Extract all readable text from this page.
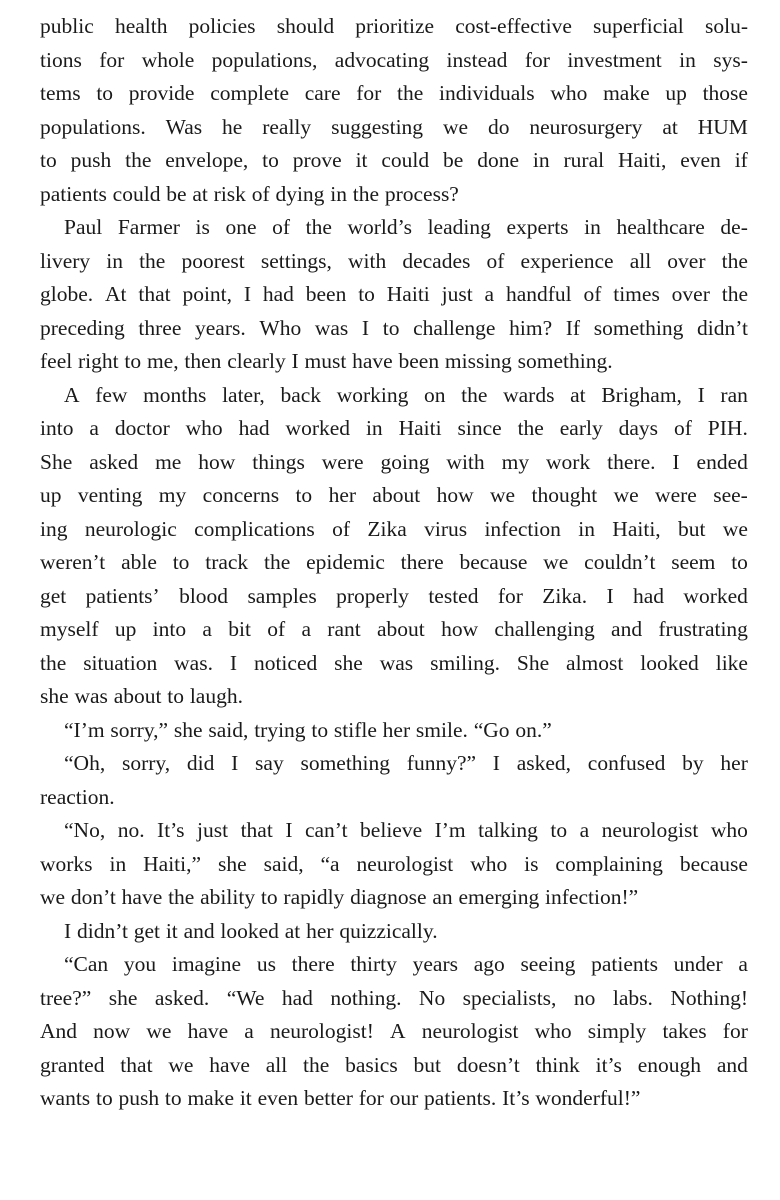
public health policies should prioritize cost-effective superficial solu-
tions for whole populations, advocating instead for investment in sys-
tems to provide complete care for the individuals who make up those
populations. Was he really suggesting we do neurosurgery at HUM
to push the envelope, to prove it could be done in rural Haiti, even if
patients could be at risk of dying in the process?
Paul Farmer is one of the world’s leading experts in healthcare de-
livery in the poorest settings, with decades of experience all over the
globe. At that point, I had been to Haiti just a handful of times over the
preceding three years. Who was I to challenge him? If something didn’t
feel right to me, then clearly I must have been missing something.
A few months later, back working on the wards at Brigham, I ran
into a doctor who had worked in Haiti since the early days of PIH.
She asked me how things were going with my work there. I ended
up venting my concerns to her about how we thought we were see-
ing neurologic complications of Zika virus infection in Haiti, but we
weren’t able to track the epidemic there because we couldn’t seem to
get patients’ blood samples properly tested for Zika. I had worked
myself up into a bit of a rant about how challenging and frustrating
the situation was. I noticed she was smiling. She almost looked like
she was about to laugh.
“I’m sorry,” she said, trying to stifle her smile. “Go on.”
“Oh, sorry, did I say something funny?” I asked, confused by her
reaction.
“No, no. It’s just that I can’t believe I’m talking to a neurologist who
works in Haiti,” she said, “a neurologist who is complaining because
we don’t have the ability to rapidly diagnose an emerging infection!”
I didn’t get it and looked at her quizzically.
“Can you imagine us there thirty years ago seeing patients under a
tree?” she asked. “We had nothing. No specialists, no labs. Nothing!
And now we have a neurologist! A neurologist who simply takes for
granted that we have all the basics but doesn’t think it’s enough and
wants to push to make it even better for our patients. It’s wonderful!”
